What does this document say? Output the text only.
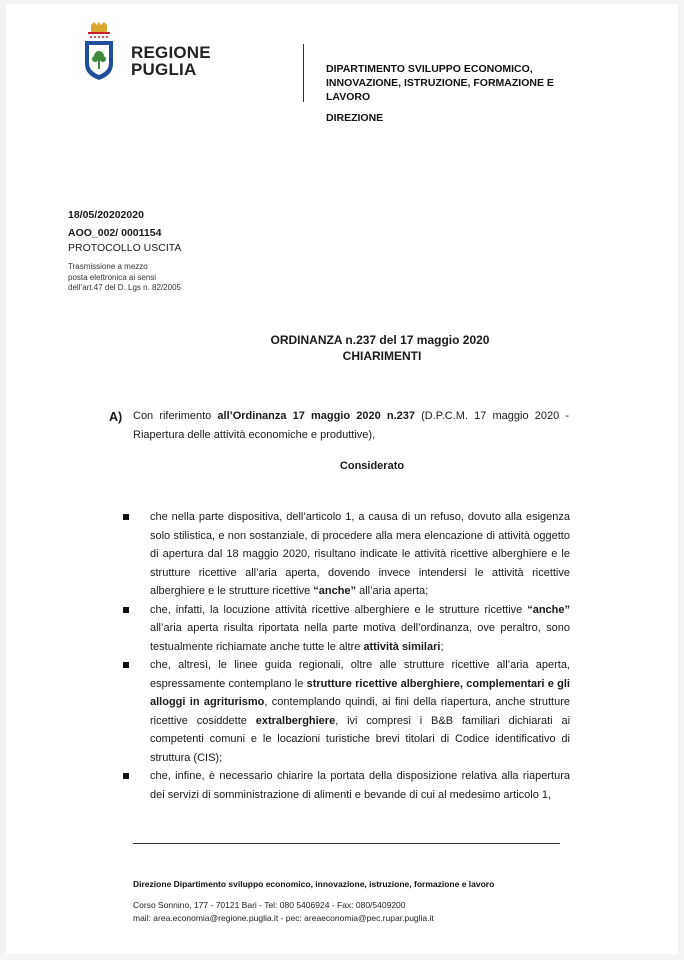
REGIONE
PUGLIA	DIPARTIMENTO SVILUPPO ECONOMICO,
INNOVAZIONE, ISTRUZIONE, FORMAZIONE E
LAVORO
DIREZIONE
18/05/20202020
AOO_002/ 0001154
PROTOCOLLO USCITA
Trasmissione a mezzo
posta elettronica ai sensi
dell’art.47 del D. Lgs n. 82/2005
ORDINANZA n.237 del 17 maggio 2020
CHIARIMENTI
A) Con riferimento all’Ordinanza 17 maggio 2020 n.237 (D.P.C.M. 17 maggio 2020 - Riapertura delle attività economiche e produttive),
Considerato

che nella parte dispositiva, dell’articolo 1, a causa di un refuso, dovuto alla esigenza solo stilistica, e non sostanziale, di procedere alla mera elencazione di attività oggetto di apertura dal 18 maggio 2020, risultano indicate le attività ricettive alberghiere e le strutture ricettive all’aria aperta, dovendo invece intendersi le attività ricettive alberghiere e le strutture ricettive “anche” all’aria aperta;

che, infatti, la locuzione attività ricettive alberghiere e le strutture ricettive “anche” all’aria aperta risulta riportata nella parte motiva dell’ordinanza, ove peraltro, sono testualmente richiamate anche tutte le altre attività similari;

che, altresì, le linee guida regionali, oltre alle strutture ricettive all’aria aperta, espressamente contemplano le strutture ricettive alberghiere, complementari e gli alloggi in agriturismo, contemplando quindi, ai fini della riapertura, anche strutture ricettive cosiddette extralberghiere, ivi compresi i B&B familiari dichiarati ai competenti comuni e le locazioni turistiche brevi titolari di Codice identificativo di struttura (CIS);

che, infine, è necessario chiarire la portata della disposizione relativa alla riapertura dei servizi di somministrazione di alimenti e bevande di cui al medesimo articolo 1,

Direzione Dipartimento sviluppo economico, innovazione, istruzione, formazione e lavoro
Corso Sonnino, 177 - 70121 Bari - Tel: 080 5406924 - Fax: 080/5409200
mail: area.economia@regione.puglia.it - pec: areaeconomia@pec.rupar.puglia.it
